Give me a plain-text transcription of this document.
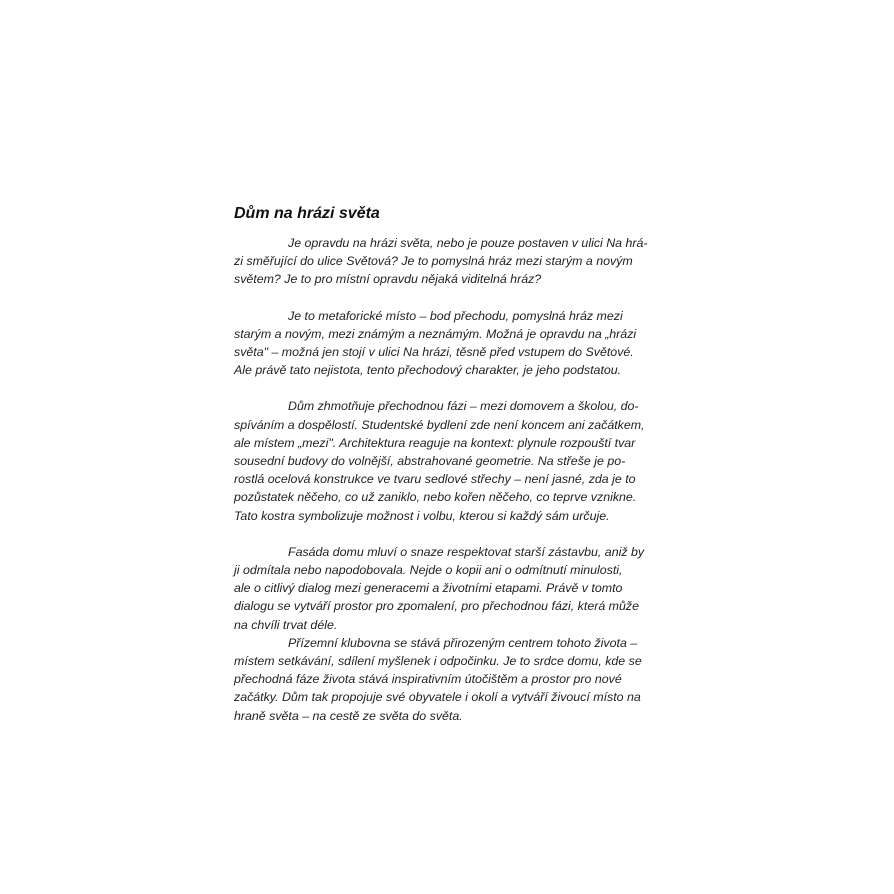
Dům na hrázi světa

Je opravdu na hrázi světa, nebo je pouze postaven v ulici Na hrá-
zi směřující do ulice Světová? Je to pomyslná hráz mezi starým a novým
světem? Je to pro místní opravdu nějaká viditelná hráz?

Je to metaforické místo – bod přechodu, pomyslná hráz mezi
starým a novým, mezi známým a neznámým. Možná je opravdu na „hrázi
světa" – možná jen stojí v ulici Na hrázi, těsně před vstupem do Světové.
Ale právě tato nejistota, tento přechodový charakter, je jeho podstatou.

Dům zhmotňuje přechodnou fázi – mezi domovem a školou, do-
spíváním a dospělostí. Studentské bydlení zde není koncem ani začátkem,
ale místem „mezi". Architektura reaguje na kontext: plynule rozpouští tvar
sousední budovy do volnější, abstrahované geometrie. Na střeše je po-
rostlá ocelová konstrukce ve tvaru sedlové střechy – není jasné, zda je to
pozůstatek něčeho, co už zaniklo, nebo kořen něčeho, co teprve vznikne.
Tato kostra symbolizuje možnost i volbu, kterou si každý sám určuje.

Fasáda domu mluví o snaze respektovat starší zástavbu, aniž by
ji odmítala nebo napodobovala. Nejde o kopii ani o odmítnutí minulosti,
ale o citlivý dialog mezi generacemi a životními etapami. Právě v tomto
dialogu se vytváří prostor pro zpomalení, pro přechodnou fázi, která může
na chvíli trvat déle.

Přízemní klubovna se stává přirozeným centrem tohoto života –
místem setkávání, sdílení myšlenek i odpočinku. Je to srdce domu, kde se
přechodná fáze života stává inspirativním útočištěm a prostor pro nové
začátky. Dům tak propojuje své obyvatele i okolí a vytváří živoucí místo na
hraně světa – na cestě ze světa do světa.
